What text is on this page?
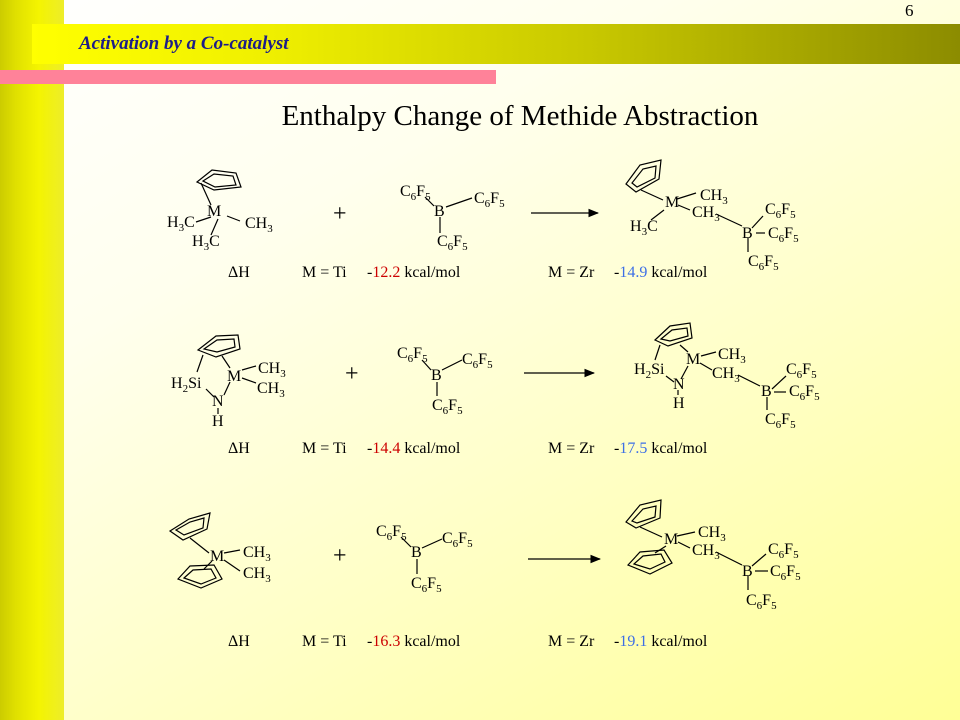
Activation by a Co-catalyst
6
Enthalpy Change of Methide Abstraction
M
$H_3C$	$CH_3$
$H_3C$
+
$C_6F_5$
B
$C_6F_5$
$C_6F_5$
M $CH_3$
$CH_3$
$H_3C$	B
$C_6F_5$
$C_6F_5$
$C_6F_5$
M
$H_2Si$
$CH_3$
$CH_3$
N
H
+
$C_6F_5$
B
$C_6F_5$
$C_6F_5$
M
$H_2Si$
$CH_3$
$CH_3$
N
H
B
$C_6F_5$
$C_6F_5$
$C_6F_5$
M $CH_3$
$CH_3$
+
$C_6F_5$
B
$C_6F_5$
$C_6F_5$
M $CH_3$
$CH_3$
B
$C_6F_5$
$C_6F_5$
$C_6F_5$
ΔH	M = Ti -12.2 kcal/mol	M = Zr -14.9 kcal/mol
ΔH	M = Ti -14.4 kcal/mol	M = Zr -17.5 kcal/mol
ΔH	M = Ti -16.3 kcal/mol	M = Zr -19.1 kcal/mol
